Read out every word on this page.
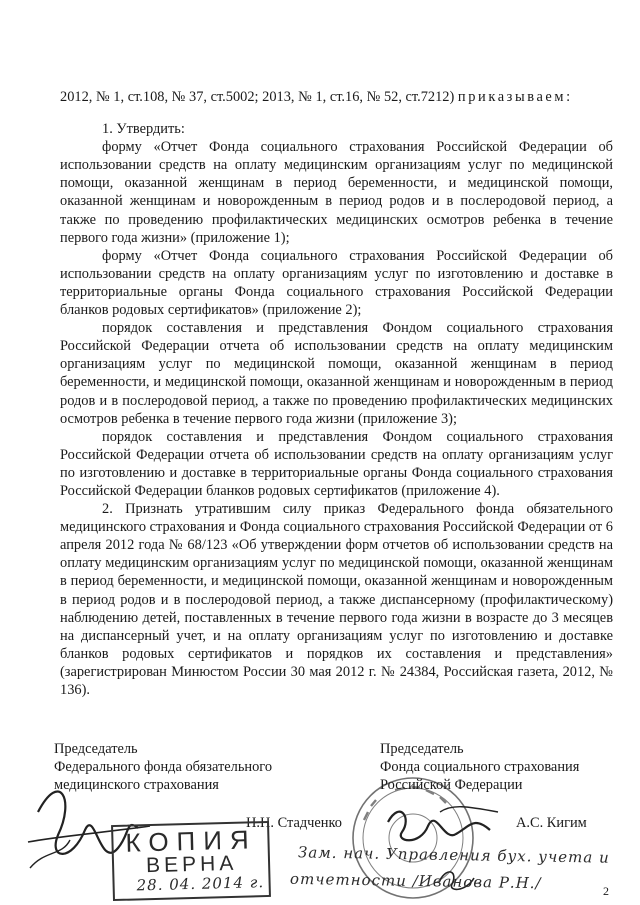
2012, № 1, ст.108, № 37, ст.5002; 2013, № 1, ст.16, № 52, ст.7212) приказываем:

1. Утвердить:

форму «Отчет Фонда социального страхования Российской Федерации об использовании средств на оплату медицинским организациям услуг по медицинской помощи, оказанной женщинам в период беременности, и медицинской помощи, оказанной женщинам и новорожденным в период родов и в послеродовой период, а также по проведению профилактических медицинских осмотров ребенка в течение первого года жизни» (приложение 1);

форму «Отчет Фонда социального страхования Российской Федерации об использовании средств на оплату организациям услуг по изготовлению и доставке в территориальные органы Фонда социального страхования Российской Федерации бланков родовых сертификатов» (приложение 2);

порядок составления и представления Фондом социального страхования Российской Федерации отчета об использовании средств на оплату медицинским организациям услуг по медицинской помощи, оказанной женщинам в период беременности, и медицинской помощи, оказанной женщинам и новорожденным в период родов и в послеродовой период, а также по проведению профилактических медицинских осмотров ребенка в течение первого года жизни (приложение 3);

порядок составления и представления Фондом социального страхования Российской Федерации отчета об использовании средств на оплату организациям услуг по изготовлению и доставке в территориальные органы Фонда социального страхования Российской Федерации бланков родовых сертификатов (приложение 4).

2. Признать утратившим силу приказ Федерального фонда обязательного медицинского страхования и Фонда социального страхования Российской Федерации от 6 апреля 2012 года № 68/123 «Об утверждении форм отчетов об использовании средств на оплату медицинским организациям услуг по медицинской помощи, оказанной женщинам в период беременности, и медицинской помощи, оказанной женщинам и новорожденным в период родов и в послеродовой период, а также диспансерному (профилактическому) наблюдению детей, поставленных в течение первого года жизни в возрасте до 3 месяцев на диспансерный учет, и на оплату организациям услуг по изготовлению и доставке бланков родовых сертификатов и порядков их составления и представления» (зарегистрирован Минюстом России 30 мая 2012 г. № 24384, Российская газета, 2012, № 136).

Председатель
Федерального фонда обязательного
медицинского страхования
Н.Н. Стадченко
Председатель
Фонда социального страхования
Российской Федерации
А.С. Кигим
КОПИЯ
ВЕРНА
28. 04. 2014 г.
Зам. нач. Управления бух. учета и
отчетности /Иванова Р.Н./	2
